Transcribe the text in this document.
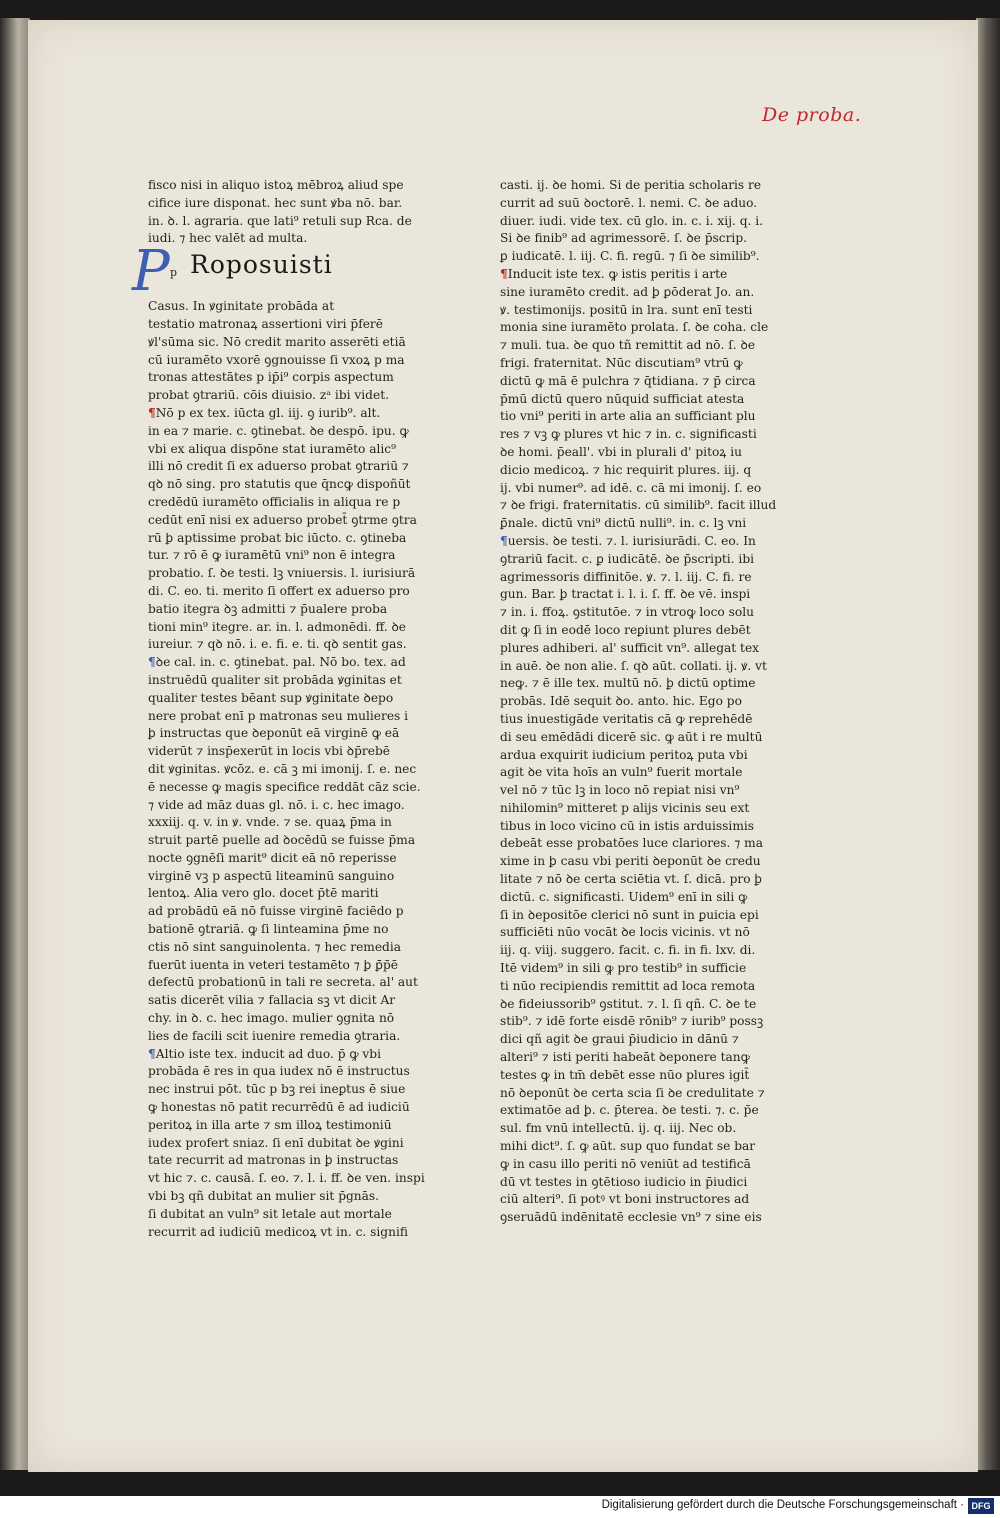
De proba.
fisco nisi in aliquo istoꝝ mēbroꝝ aliud spe
cifice iure disponat. hec sunt ꝟba nō. bar.
in. ꝺ. l. agraria. que lati⁹ retuli sup Rca. de
iudi. ⁊ hec valēt ad multa.
P p Roposuisti
Casus. In ꝟginitate probāda at
testatio matronaꝝ assertioni viri p̄ferē
ꝟl'sūma sic. Nō credit marito asserēti etiā
cū iuramēto vxorē ꝯgnouisse ſi vxoꝝ p ma
tronas attestātes p ip̄i⁹ corpis aspectum
probat ꝯtrariū. cōis diuisio. zᵃ ibi videt.
¶Nō p ex tex. iūcta gl. iij. ꝯ iurib⁹. alt.
in ea ⁊ marie. c. ꝯtinebat. ꝺe despō. ipu. ꝙ
vbi ex aliqua dispōne stat iuramēto alic⁹
illi nō credit ſi ex aduerso probat ꝯtrariū ⁊
qꝺ nō sing. pro statutis que q̄ncꝙ dispoñūt
credēdū iuramēto officialis in aliqua re p
cedūt enī nisi ex aduerso probet̄ ꝯtrme ꝯtra
rū ꝧ aptissime probat bic iūcto. c. ꝯtineba
tur. ⁊ rō ē ꝙ iuramētū vni⁹ non ē integra
probatio. ſ. ꝺe testi. lꝫ vniuersis. l. iurisiurā
di. C. eo. ti. merito ſi offert ex aduerso pro
batio itegra ꝺꝫ admitti ⁊ p̄ualere proba
tioni min⁹ itegre. ar. in. l. admonēdi. ff. ꝺe
iureiur. ⁊ qꝺ nō. i. e. fi. e. ti. qꝺ sentit gas.
¶ꝺe cal. in. c. ꝯtinebat. pal. Nō bo. tex. ad
instruēdū qualiter sit probāda ꝟginitas et
qualiter testes bēant sup ꝟginitate ꝺepo
nere probat enī p matronas seu mulieres i
ꝧ instructas que ꝺeponūt eā virginē ꝙ eā
viderūt ⁊ insp̄exerūt in locis vbi ꝺp̄rebē
dit ꝟginitas. ꝟcōz. e. cā ꝫ mi imonij. ſ. e. nec
ē necesse ꝙ magis specifice reddāt cāz scie.
⁊ vide ad māz duas gl. nō. i. c. hec imago.
xxxiij. q. v. in ꝟ. vnde. ⁊ se. quaꝝ p̄ma in
struit partē puelle ad ꝺocēdū se fuisse p̄ma
nocte ꝯgnēſi marit⁹ dicit eā nō reperisse
virginē vꝫ p aspectū liteaminū sanguino
lentoꝝ. Alia vero glo. docet p̄tē mariti
ad probādū eā nō fuisse virginē faciēdo p
bationē ꝯtrariā. ꝙ ſi linteamina p̄me no
ctis nō sint sanguinolenta. ⁊ hec remedia
fuerūt iuenta in veteri testamēto ⁊ ꝧ ꝑ̄p̄ē
defectū probationū in tali re secreta. al' aut
satis dicerēt vilia ⁊ fallacia sꝫ vt dicit Ar
chy. in ꝺ. c. hec imago. mulier ꝯgnita nō
lies de facili scit iuenire remedia ꝯtraria.
¶Altio iste tex. inducit ad duo. p̄ ꝙ vbi
probāda ē res in qua iudex nō ē instructus
nec instrui pōt. tūc p bꝫ rei ineꝑtus ē siue
ꝙ honestas nō patit recurrēdū ē ad iudiciū
peritoꝝ in illa arte ⁊ sm illoꝝ testimoniū
iudex profert sniaz. ſi enī dubitat ꝺe ꝟgini
tate recurrit ad matronas in ꝧ instructas
vt hic ⁊. c. causā. ſ. eo. ⁊. l. i. ff. ꝺe ven. inspi
vbi bꝫ qñ dubitat an mulier sit p̄gnās.
ſi dubitat an vuln⁹ sit letale aut mortale
recurrit ad iudiciū medicoꝝ vt in. c. signifi
casti. ij. ꝺe homi. Si de peritia scholaris re
currit ad suū ꝺoctorē. l. nemi. C. ꝺe aduo.
diuer. iudi. vide tex. cū glo. in. c. i. xij. q. i.
Si ꝺe finib⁹ ad agrimessorē. ſ. ꝺe p̄scrip.
ꝑ iudicatē. l. iij. C. fi. regū. ⁊ ſi ꝺe similib⁹.
¶Inducit iste tex. ꝙ istis peritis i arte
sine iuramēto credit. ad ꝧ ꝑōderat Jo. an.
ꝟ. testimonijs. positū in lra. sunt enī testi
monia sine iuramēto prolata. ſ. ꝺe coha. cle
⁊ muli. tua. ꝺe quo tñ remittit ad nō. ſ. ꝺe
frigi. fraternitat. Nūc discutiam⁹ vtrū ꝙ
dictū ꝙ mā ē pulchra ⁊ q̄tidiana. ⁊ p̄ circa
p̄mū dictū quero nūquid sufficiat atesta
tio vni⁹ periti in arte alia an sufficiant plu
res ⁊ vꝫ ꝙ plures vt hic ⁊ in. c. significasti
ꝺe homi. p̄eall'. vbi in plurali d' pitoꝝ iu
dicio medicoꝝ. ⁊ hic requirit plures. iij. q
ij. vbi numer⁹. ad idē. c. cā mi imonij. ſ. eo
⁊ ꝺe frigi. fraternitatis. cū similib⁹. facit illud
ꝑ̄nale. dictū vni⁹ dictū nulli⁹. in. c. lꝫ vni
¶uersis. ꝺe testi. ⁊. l. iurisiurādi. C. eo. In
ꝯtrariū facit. c. ꝑ iudicātē. ꝺe p̄scripti. ibi
agrimessoris diffinitōe. ꝟ. ⁊. l. iij. C. fi. re
gun. Bar. ꝧ tractat i. l. i. ſ. ff. ꝺe vē. inspi
⁊ in. i. ffoꝝ. ꝯstitutōe. ⁊ in vtroꝙ loco solu
dit ꝙ ſi in eodē loco reꝑiunt plures debēt
plures adhiberi. al' sufficit vn⁹. allegat tex
in auē. ꝺe non alie. ſ. qꝺ aūt. collati. ij. ꝟ. vt
neꝙ. ⁊ ē ille tex. multū nō. ꝧ dictū optime
probās. Idē sequit ꝺo. anto. hic. Ego po
tius inuestigāde veritatis cā ꝙ reprehēdē
di seu emēdādi dicerē sic. ꝙ aūt i re multū
ardua exquirit iudicium peritoꝝ puta vbi
agit ꝺe vita hoīs an vuln⁹ fuerit mortale
vel nō ⁊ tūc lꝫ in loco nō repiat nisi vn⁹
nihilomin⁹ mitteret p alijs vicinis seu ext
tibus in loco vicino cū in istis arduissimis
debeāt esse probatōes luce clariores. ⁊ ma
xime in ꝧ casu vbi periti ꝺeponūt ꝺe credu
litate ⁊ nō ꝺe certa sciētia vt. ſ. dicā. pro ꝧ
dictū. c. significasti. Uidem⁹ enī in sili ꝙ
ſi in ꝺepositōe clerici nō sunt in ꝑuicia epi
sufficiēti nūo vocāt ꝺe locis vicinis. vt nō
iij. q. viij. suggero. facit. c. fi. in fi. lxv. di.
Itē videm⁹ in sili ꝙ pro testib⁹ in sufficie
ti nūo recipiendis remittit ad loca remota
ꝺe fideiussorib⁹ ꝯstitut. ⁊. l. ſi qñ. C. ꝺe te
stib⁹. ⁊ idē forte eisdē rōnib⁹ ⁊ iurib⁹ possꝫ
dici qñ agit ꝺe graui p̄iudicio in dānū ⁊
alteri⁹ ⁊ isti periti habeāt ꝺeponere tanꝙ
testes ꝙ in tm̄ debēt esse nūo plures igit̄
nō ꝺeponūt ꝺe certa scia ſi ꝺe credulitate ⁊
extimatōe ad ꝧ. c. p̄terea. ꝺe testi. ⁊. c. p̄e
sul. fm vnū intellectū. ij. q. iij. Nec ob.
mihi dict⁹. ſ. ꝙ aūt. sup quo fundat se bar
ꝙ in casu illo periti nō veniūt ad testificā
dū vt testes in ꝯtētioso iudicio in p̄iudici
ciū alteri⁹. ſi potꝰ vt boni instructores ad
ꝯseruādū indēnitatē ecclesie vn⁹ ⁊ sine eis
Digitalisierung gefördert durch die Deutsche Forschungsgemeinschaft · DFG
